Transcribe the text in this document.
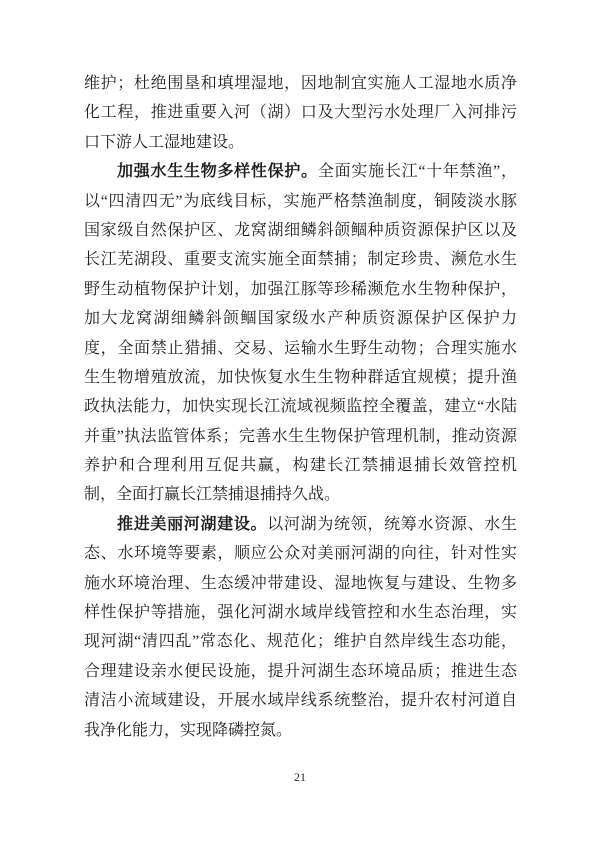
维护；杜绝围垦和填埋湿地，因地制宜实施人工湿地水质净
化工程，推进重要入河（湖）口及大型污水处理厂入河排污
口下游人工湿地建设。
加强水生生物多样性保护。全面实施长江“十年禁渔”，
以“四清四无”为底线目标，实施严格禁渔制度，铜陵淡水豚
国家级自然保护区、龙窝湖细鳞斜颌鲴种质资源保护区以及
长江芜湖段、重要支流实施全面禁捕；制定珍贵、濒危水生
野生动植物保护计划，加强江豚等珍稀濒危水生物种保护，
加大龙窝湖细鳞斜颌鲴国家级水产种质资源保护区保护力
度，全面禁止猎捕、交易、运输水生野生动物；合理实施水
生生物增殖放流，加快恢复水生生物种群适宜规模；提升渔
政执法能力，加快实现长江流域视频监控全覆盖，建立“水陆
并重”执法监管体系；完善水生生物保护管理机制，推动资源
养护和合理利用互促共赢，构建长江禁捕退捕长效管控机
制，全面打赢长江禁捕退捕持久战。
推进美丽河湖建设。以河湖为统领，统筹水资源、水生
态、水环境等要素，顺应公众对美丽河湖的向往，针对性实
施水环境治理、生态缓冲带建设、湿地恢复与建设、生物多
样性保护等措施，强化河湖水域岸线管控和水生态治理，实
现河湖“清四乱”常态化、规范化；维护自然岸线生态功能，
合理建设亲水便民设施，提升河湖生态环境品质；推进生态
清洁小流域建设，开展水域岸线系统整治，提升农村河道自
我净化能力，实现降磷控氮。
21
